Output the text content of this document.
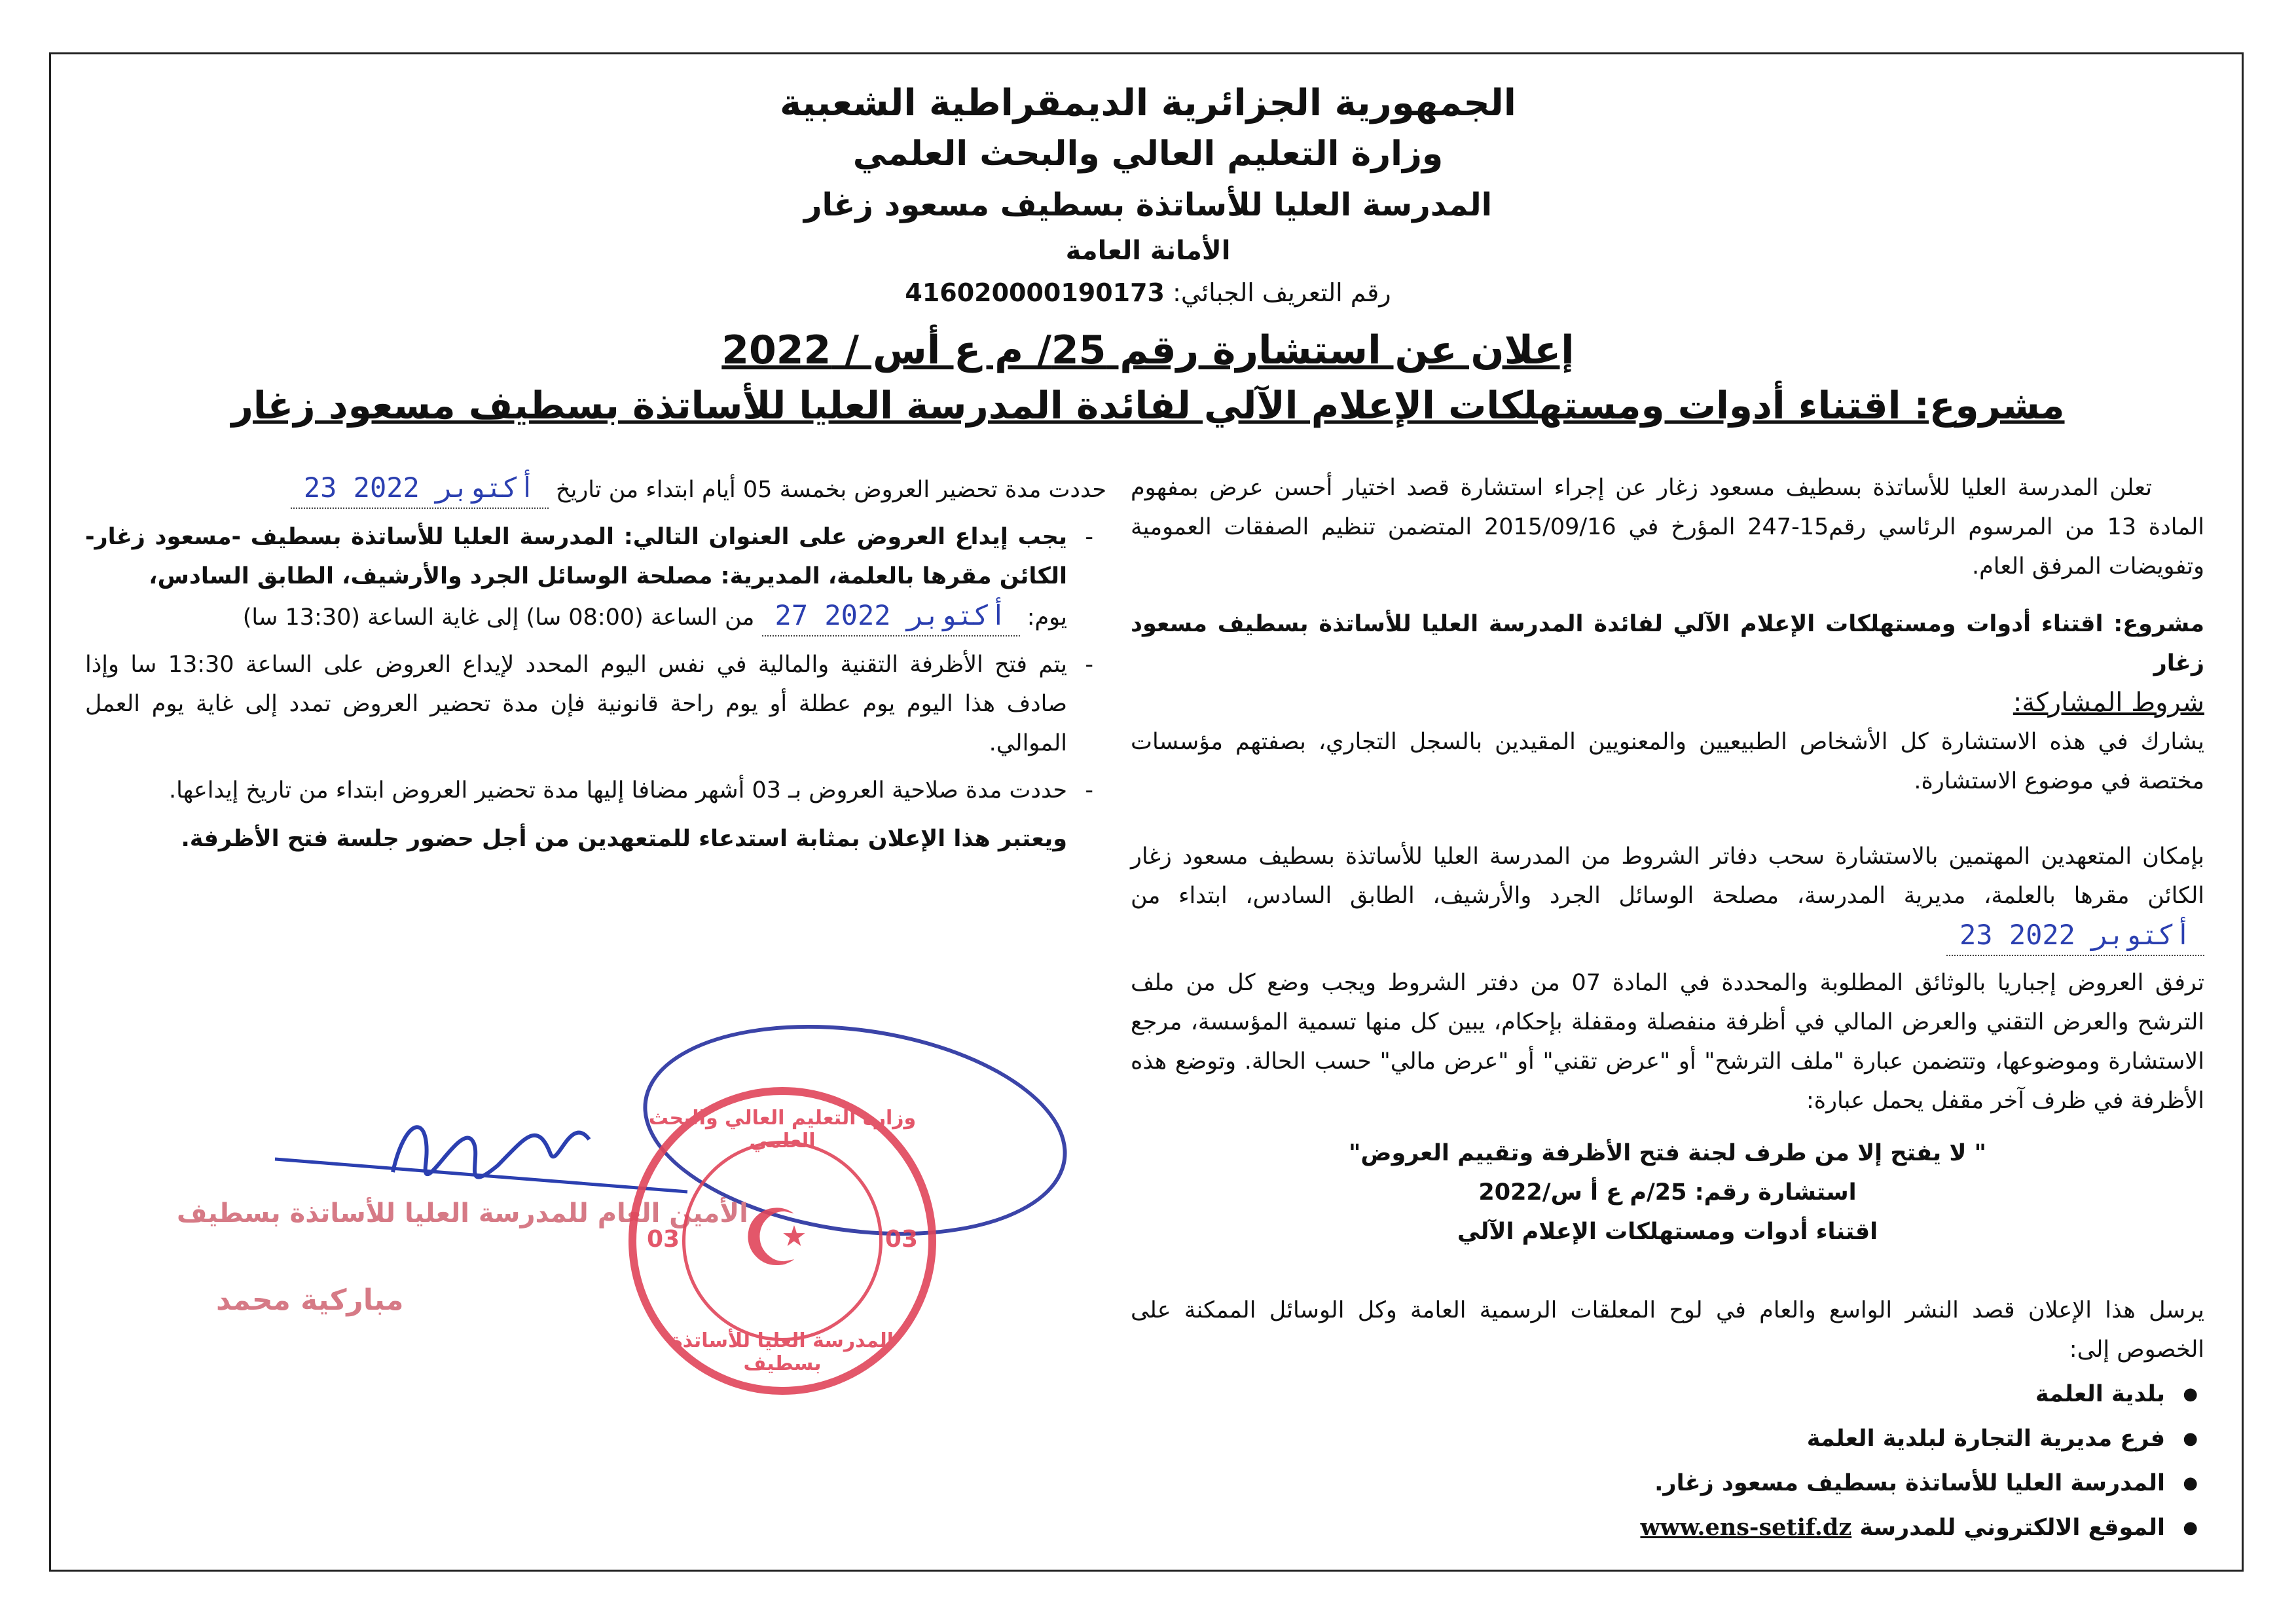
الجمهورية الجزائرية الديمقراطية الشعبية
وزارة التعليم العالي والبحث العلمي
المدرسة العليا للأساتذة بسطيف مسعود زغار
الأمانة العامة
رقم التعريف الجبائي: 416020000190173
إعلان عن استشارة رقم 25/ م ع أس / 2022
مشروع: اقتناء أدوات ومستهلكات الإعلام الآلي لفائدة المدرسة العليا للأساتذة بسطيف مسعود زغار

تعلن المدرسة العليا للأساتذة بسطيف مسعود زغار عن إجراء استشارة قصد اختيار أحسن عرض بمفهوم المادة 13 من المرسوم الرئاسي رقم15-247 المؤرخ في 2015/09/16 المتضمن تنظيم الصفقات العمومية وتفويضات المرفق العام.

مشروع: اقتناء أدوات ومستهلكات الإعلام الآلي لفائدة المدرسة العليا للأساتذة بسطيف مسعود زغار

شروط المشاركة:

يشارك في هذه الاستشارة كل الأشخاص الطبيعيين والمعنويين المقيدين بالسجل التجاري، بصفتهم مؤسسات مختصة في موضوع الاستشارة.

بإمكان المتعهدين المهتمين بالاستشارة سحب دفاتر الشروط من المدرسة العليا للأساتذة بسطيف مسعود زغار الكائن مقرها بالعلمة، مديرية المدرسة، مصلحة الوسائل الجرد والأرشيف، الطابق السادس، ابتداء من 23 أكتوبر 2022

ترفق العروض إجباريا بالوثائق المطلوبة والمحددة في المادة 07 من دفتر الشروط ويجب وضع كل من ملف الترشح والعرض التقني والعرض المالي في أظرفة منفصلة ومقفلة بإحكام، يبين كل منها تسمية المؤسسة، مرجع الاستشارة وموضوعها، وتتضمن عبارة "ملف الترشح" أو "عرض تقني" أو "عرض مالي" حسب الحالة. وتوضع هذه الأظرفة في ظرف آخر مقفل يحمل عبارة:

" لا يفتح إلا من طرف لجنة فتح الأظرفة وتقييم العروض"

استشارة رقم: 25/م ع أ س/2022

اقتناء أدوات ومستهلكات الإعلام الآلي

يرسل هذا الإعلان قصد النشر الواسع والعام في لوح المعلقات الرسمية العامة وكل الوسائل الممكنة على الخصوص إلى:

● بلدية العلمة
● فرع مديرية التجارة لبلدية العلمة
● المدرسة العليا للأساتذة بسطيف مسعود زغار.
● الموقع الالكتروني للمدرسة www.ens-setif.dz

حددت مدة تحضير العروض بخمسة 05 أيام ابتداء من تاريخ 23 أكتوبر 2022

- يجب إيداع العروض على العنوان التالي: المدرسة العليا للأساتذة بسطيف -مسعود زغار- الكائن مقرها بالعلمة، المديرية: مصلحة الوسائل الجرد والأرشيف، الطابق السادس،
يوم: 27 أكتوبر 2022 من الساعة (08:00 سا) إلى غاية الساعة (13:30 سا)
- يتم فتح الأظرفة التقنية والمالية في نفس اليوم المحدد لإيداع العروض على الساعة 13:30 سا وإذا صادف هذا اليوم يوم عطلة أو يوم راحة قانونية فإن مدة تحضير العروض تمدد إلى غاية يوم العمل الموالي.
- حددت مدة صلاحية العروض بـ 03 أشهر مضافا إليها مدة تحضير العروض ابتداء من تاريخ إيداعها.

ويعتبر هذا الإعلان بمثابة استدعاء للمتعهدين من أجل حضور جلسة فتح الأظرفة.

الأمين العام للمدرسة العليا للأساتذة بسطيف
مباركية محمد
وزارة التعليم العالي والبحث العلمي
المدرسة العليا للأساتذة بسطيف
03	03
☪
